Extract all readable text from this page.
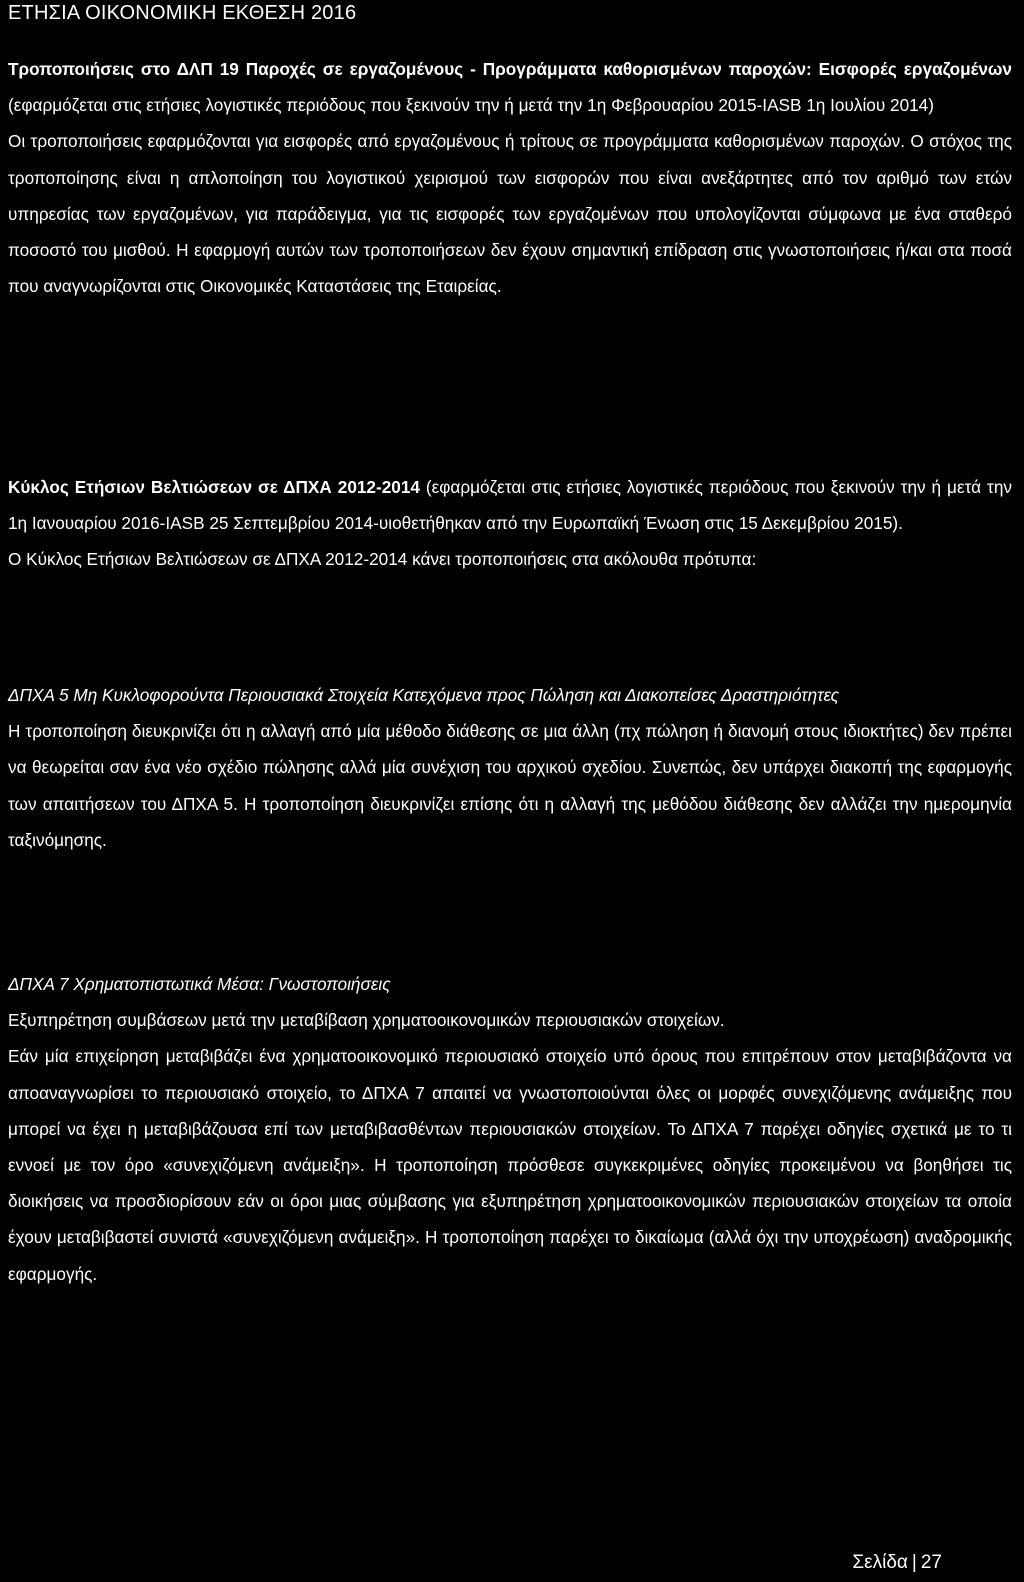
ΕΤΗΣΙΑ ΟΙΚΟΝΟΜΙΚΗ ΕΚΘΕΣΗ 2016

Τροποποιήσεις στο ΔΛΠ 19 Παροχές σε εργαζομένους - Προγράμματα καθορισμένων παροχών: Εισφορές εργαζομένων (εφαρμόζεται στις ετήσιες λογιστικές περιόδους που ξεκινούν την ή μετά την 1η Φεβρουαρίου 2015-IASB 1η Ιουλίου 2014)

Οι τροποποιήσεις εφαρμόζονται για εισφορές από εργαζομένους ή τρίτους σε προγράμματα καθορισμένων παροχών. Ο στόχος της τροποποίησης είναι η απλοποίηση του λογιστικού χειρισμού των εισφορών που είναι ανεξάρτητες από τον αριθμό των ετών υπηρεσίας των εργαζομένων, για παράδειγμα, για τις εισφορές των εργαζομένων που υπολογίζονται σύμφωνα με ένα σταθερό ποσοστό του μισθού. Η εφαρμογή αυτών των τροποποιήσεων δεν έχουν σημαντική επίδραση στις γνωστοποιήσεις ή/και στα ποσά που αναγνωρίζονται στις Οικονομικές Καταστάσεις της Εταιρείας.

Κύκλος Ετήσιων Βελτιώσεων σε ΔΠΧΑ 2012-2014 (εφαρμόζεται στις ετήσιες λογιστικές περιόδους που ξεκινούν την ή μετά την 1η Ιανουαρίου 2016-IASB 25 Σεπτεμβρίου 2014-υιοθετήθηκαν από την Ευρωπαϊκή Ένωση στις 15 Δεκεμβρίου 2015).

Ο Κύκλος Ετήσιων Βελτιώσεων σε ΔΠΧΑ 2012-2014 κάνει τροποποιήσεις στα ακόλουθα πρότυπα:

ΔΠΧΑ 5 Μη Κυκλοφορούντα Περιουσιακά Στοιχεία Κατεχόμενα προς Πώληση και Διακοπείσες Δραστηριότητες

Η τροποποίηση διευκρινίζει ότι η αλλαγή από μία μέθοδο διάθεσης σε μια άλλη (πχ πώληση ή διανομή στους ιδιοκτήτες) δεν πρέπει να θεωρείται σαν ένα νέο σχέδιο πώλησης αλλά μία συνέχιση του αρχικού σχεδίου. Συνεπώς, δεν υπάρχει διακοπή της εφαρμογής των απαιτήσεων του ΔΠΧΑ 5. Η τροποποίηση διευκρινίζει επίσης ότι η αλλαγή της μεθόδου διάθεσης δεν αλλάζει την ημερομηνία ταξινόμησης.

ΔΠΧΑ 7 Χρηματοπιστωτικά Μέσα: Γνωστοποιήσεις

Εξυπηρέτηση συμβάσεων μετά την μεταβίβαση χρηματοοικονομικών περιουσιακών στοιχείων.

Εάν μία επιχείρηση μεταβιβάζει ένα χρηματοοικονομικό περιουσιακό στοιχείο υπό όρους που επιτρέπουν στον μεταβιβάζοντα να αποαναγνωρίσει το περιουσιακό στοιχείο, το ΔΠΧΑ 7 απαιτεί να γνωστοποιούνται όλες οι μορφές συνεχιζόμενης ανάμειξης που μπορεί να έχει η μεταβιβάζουσα επί των μεταβιβασθέντων περιουσιακών στοιχείων. Το ΔΠΧΑ 7 παρέχει οδηγίες σχετικά με το τι εννοεί με τον όρο «συνεχιζόμενη ανάμειξη». Η τροποποίηση πρόσθεσε συγκεκριμένες οδηγίες προκειμένου να βοηθήσει τις διοικήσεις να προσδιορίσουν εάν οι όροι μιας σύμβασης για εξυπηρέτηση χρηματοοικονομικών περιουσιακών στοιχείων τα οποία έχουν μεταβιβαστεί συνιστά «συνεχιζόμενη ανάμειξη». Η τροποποίηση παρέχει το δικαίωμα (αλλά όχι την υποχρέωση) αναδρομικής εφαρμογής.

Σελίδα | 27
